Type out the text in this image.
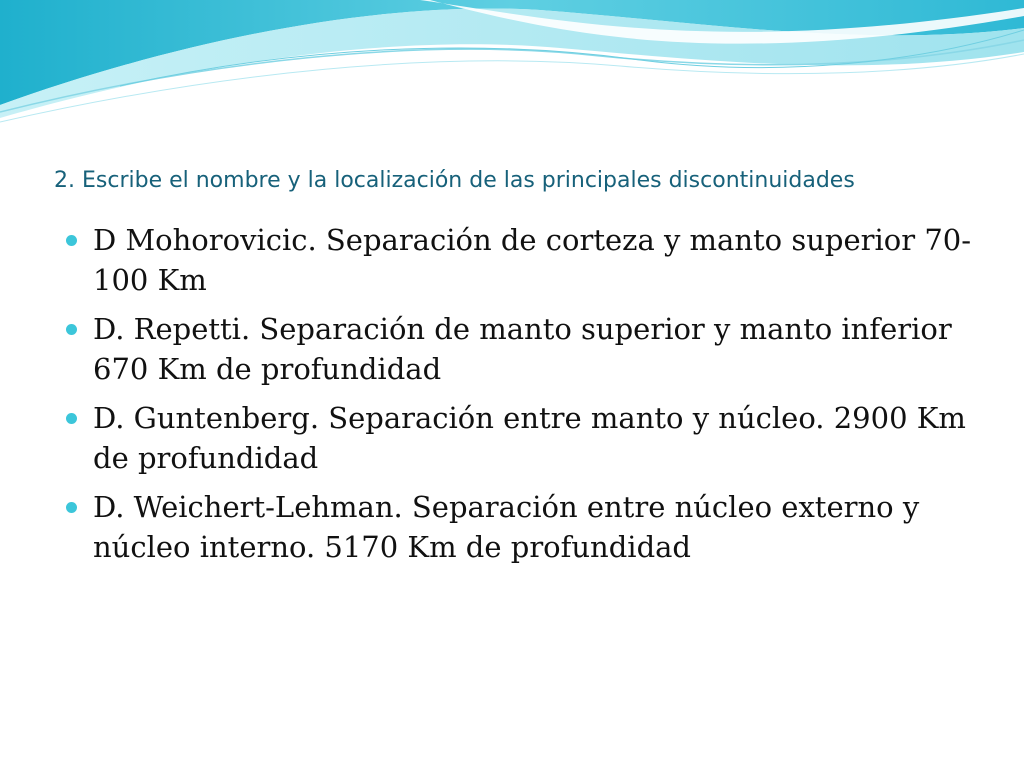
2. Escribe el nombre y la localización de las principales discontinuidades
D Mohorovicic. Separación de corteza y manto superior 70-100 Km
D. Repetti. Separación de manto superior y manto inferior 670 Km de profundidad
D. Guntenberg. Separación entre manto y núcleo. 2900 Km de profundidad
D. Weichert-Lehman. Separación entre núcleo externo y núcleo interno. 5170 Km de profundidad
